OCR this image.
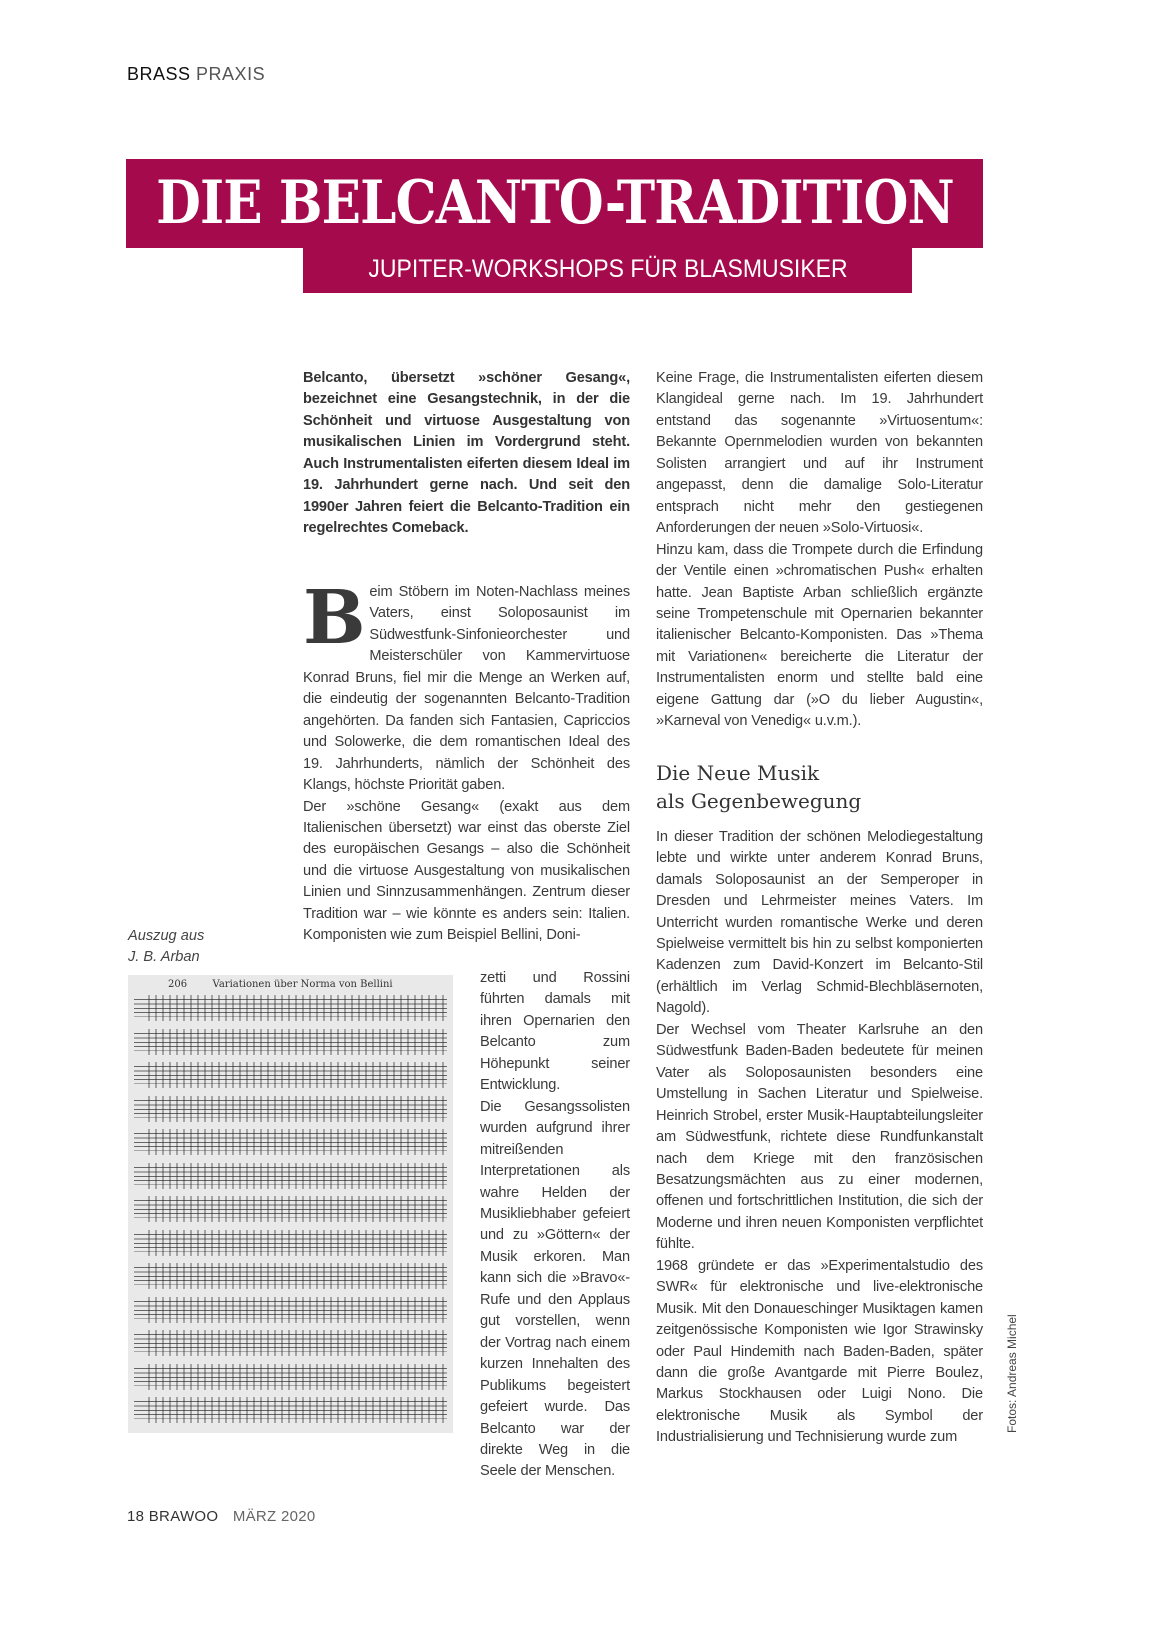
BRASS PRAXIS
DIE BELCANTO-TRADITION
JUPITER-WORKSHOPS FÜR BLASMUSIKER
Belcanto, übersetzt »schöner Gesang«, bezeichnet eine Gesangstechnik, in der die Schönheit und virtuose Ausgestaltung von musikalischen Linien im Vordergrund steht. Auch Instrumentalisten eiferten diesem Ideal im 19. Jahrhundert gerne nach. Und seit den 1990er Jahren feiert die Belcanto-Tradition ein regelrechtes Comeback.

Beim Stöbern im Noten-Nachlass meines Vaters, einst Soloposaunist im Südwestfunk-Sinfonieorchester und Meisterschüler von Kammervirtuose Konrad Bruns, fiel mir die Menge an Werken auf, die eindeutig der sogenannten Belcanto-Tradition angehörten. Da fanden sich Fantasien, Capriccios und Solowerke, die dem romantischen Ideal des 19. Jahrhunderts, nämlich der Schönheit des Klangs, höchste Priorität gaben.

Der »schöne Gesang« (exakt aus dem Italienischen übersetzt) war einst das oberste Ziel des europäischen Gesangs – also die Schönheit und die virtuose Ausgestaltung von musikalischen Linien und Sinnzusammenhängen. Zentrum dieser Tradition war – wie könnte es anders sein: Italien. Komponisten wie zum Beispiel Bellini, Doni-

Auszug aus
J. B. Arban
206	Variationen über Norma von Bellini	zetti und Rossini führten damals mit ihren Opernarien den Belcanto zum Höhepunkt seiner Entwicklung.

Die Gesangssolisten wurden aufgrund ihrer mitreißenden Interpretationen als wahre Helden der Musikliebhaber gefeiert und zu »Göttern« der Musik erkoren. Man kann sich die »Bravo«-Rufe und den Applaus gut vorstellen, wenn der Vortrag nach einem kurzen Innehalten des Publikums begeistert gefeiert wurde. Das Belcanto war der direkte Weg in die Seele der Menschen.

Keine Frage, die Instrumentalisten eiferten diesem Klangideal gerne nach. Im 19. Jahrhundert entstand das sogenannte »Virtuosentum«: Bekannte Opernmelodien wurden von bekannten Solisten arrangiert und auf ihr Instrument angepasst, denn die damalige Solo-Literatur entsprach nicht mehr den gestiegenen Anforderungen der neuen »Solo-Virtuosi«.

Hinzu kam, dass die Trompete durch die Erfindung der Ventile einen »chromatischen Push« erhalten hatte. Jean Baptiste Arban schließlich ergänzte seine Trompetenschule mit Opernarien bekannter italienischer Belcanto-Komponisten. Das »Thema mit Variationen« bereicherte die Literatur der Instrumentalisten enorm und stellte bald eine eigene Gattung dar (»O du lieber Augustin«, »Karneval von Venedig« u.v.m.).

Die Neue Musik
als Gegenbewegung

In dieser Tradition der schönen Melodiegestaltung lebte und wirkte unter anderem Konrad Bruns, damals Soloposaunist an der Semperoper in Dresden und Lehrmeister meines Vaters. Im Unterricht wurden romantische Werke und deren Spielweise vermittelt bis hin zu selbst komponierten Kadenzen zum David-Konzert im Belcanto-Stil (erhältlich im Verlag Schmid-Blechbläsernoten, Nagold).

Der Wechsel vom Theater Karlsruhe an den Südwestfunk Baden-Baden bedeutete für meinen Vater als Soloposaunisten besonders eine Umstellung in Sachen Literatur und Spielweise. Heinrich Strobel, erster Musik-Hauptabteilungsleiter am Südwestfunk, richtete diese Rundfunkanstalt nach dem Kriege mit den französischen Besatzungsmächten aus zu einer modernen, offenen und fortschrittlichen Institution, die sich der Moderne und ihren neuen Komponisten verpflichtet fühlte.

1968 gründete er das »Experimentalstudio des SWR« für elektronische und live-elektronische Musik. Mit den Donaueschinger Musiktagen kamen zeitgenössische Komponisten wie Igor Strawinsky oder Paul Hindemith nach Baden-Baden, später dann die große Avantgarde mit Pierre Boulez, Markus Stockhausen oder Luigi Nono. Die elektronische Musik als Symbol der Industrialisierung und Technisierung wurde zum

Fotos: Andreas Michel
18 BRAWOO MÄRZ 2020
